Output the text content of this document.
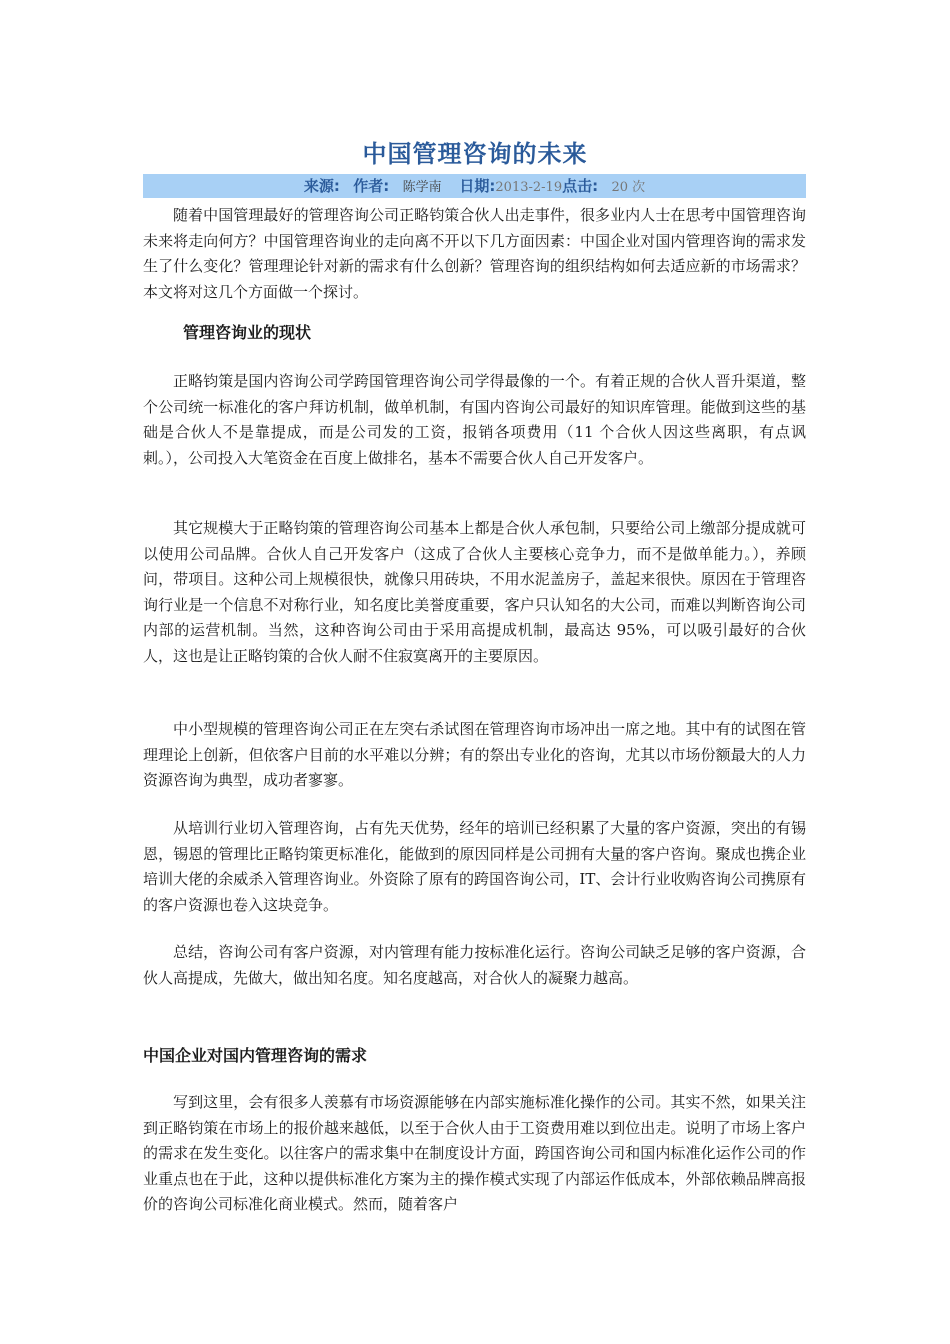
中国管理咨询的未来
来源: 作者: 陈学南 日期:2013-2-19点击: 20 次

随着中国管理最好的管理咨询公司正略钧策合伙人出走事件，很多业内人士在思考中国管理咨询未来将走向何方？中国管理咨询业的走向离不开以下几方面因素：中国企业对国内管理咨询的需求发生了什么变化？管理理论针对新的需求有什么创新？管理咨询的组织结构如何去适应新的市场需求？本文将对这几个方面做一个探讨。

管理咨询业的现状

正略钧策是国内咨询公司学跨国管理咨询公司学得最像的一个。有着正规的合伙人晋升渠道，整个公司统一标准化的客户拜访机制，做单机制，有国内咨询公司最好的知识库管理。能做到这些的基础是合伙人不是靠提成，而是公司发的工资，报销各项费用（11 个合伙人因这些离职，有点讽刺。），公司投入大笔资金在百度上做排名，基本不需要合伙人自己开发客户。

其它规模大于正略钧策的管理咨询公司基本上都是合伙人承包制，只要给公司上缴部分提成就可以使用公司品牌。合伙人自己开发客户（这成了合伙人主要核心竞争力，而不是做单能力。），养顾问，带项目。这种公司上规模很快，就像只用砖块，不用水泥盖房子，盖起来很快。原因在于管理咨询行业是一个信息不对称行业，知名度比美誉度重要，客户只认知名的大公司，而难以判断咨询公司内部的运营机制。当然，这种咨询公司由于采用高提成机制，最高达 95%，可以吸引最好的合伙人，这也是让正略钧策的合伙人耐不住寂寞离开的主要原因。

中小型规模的管理咨询公司正在左突右杀试图在管理咨询市场冲出一席之地。其中有的试图在管理理论上创新，但依客户目前的水平难以分辨；有的祭出专业化的咨询，尤其以市场份额最大的人力资源咨询为典型，成功者寥寥。

从培训行业切入管理咨询，占有先天优势，经年的培训已经积累了大量的客户资源，突出的有锡恩，锡恩的管理比正略钧策更标准化，能做到的原因同样是公司拥有大量的客户咨询。聚成也携企业培训大佬的余威杀入管理咨询业。外资除了原有的跨国咨询公司，IT、会计行业收购咨询公司携原有的客户资源也卷入这块竞争。

总结，咨询公司有客户资源，对内管理有能力按标准化运行。咨询公司缺乏足够的客户资源，合伙人高提成，先做大，做出知名度。知名度越高，对合伙人的凝聚力越高。

中国企业对国内管理咨询的需求

写到这里，会有很多人羡慕有市场资源能够在内部实施标准化操作的公司。其实不然，如果关注到正略钧策在市场上的报价越来越低，以至于合伙人由于工资费用难以到位出走。说明了市场上客户的需求在发生变化。以往客户的需求集中在制度设计方面，跨国咨询公司和国内标准化运作公司的作业重点也在于此，这种以提供标准化方案为主的操作模式实现了内部运作低成本，外部依赖品牌高报价的咨询公司标准化商业模式。然而，随着客户
